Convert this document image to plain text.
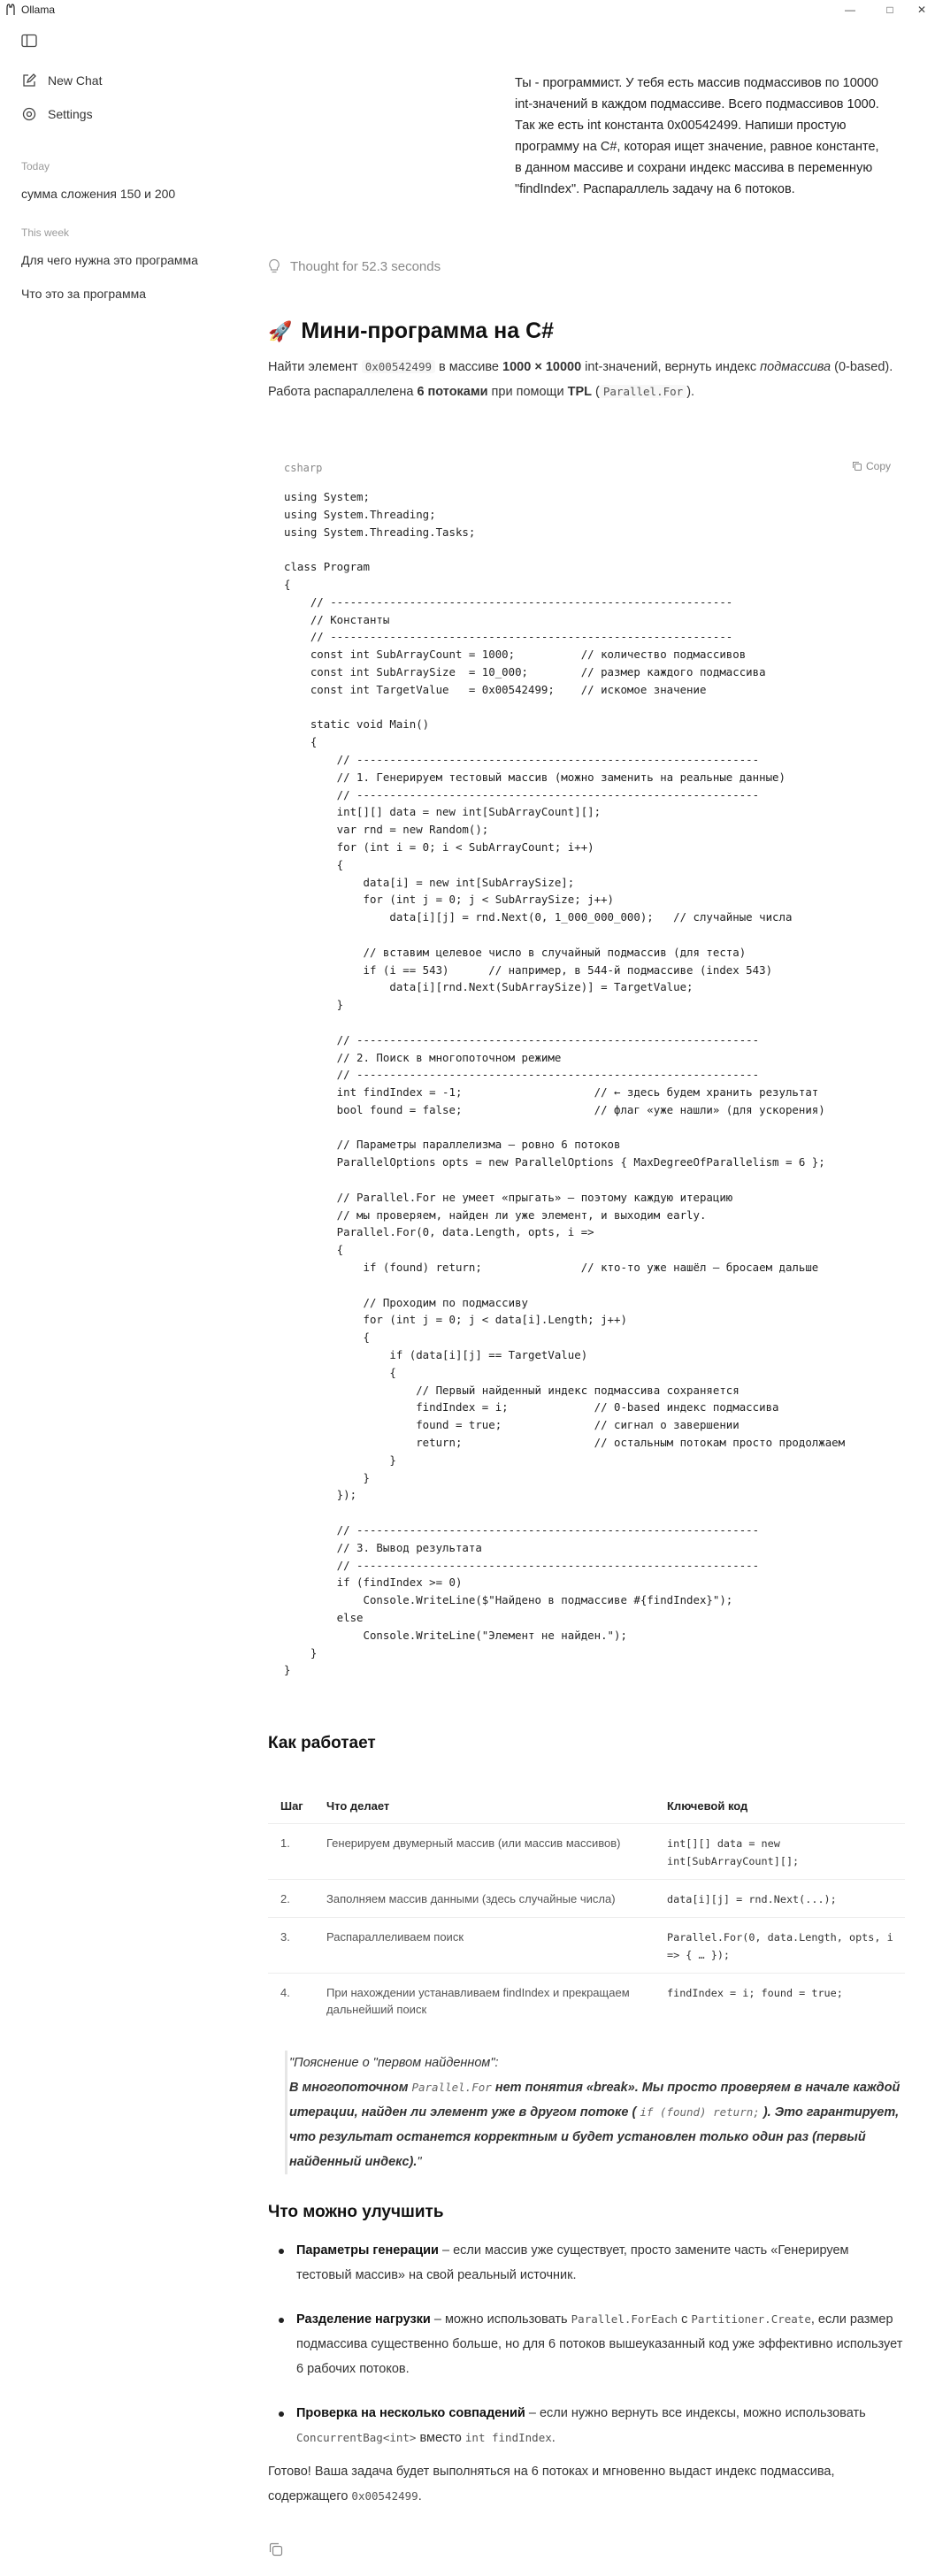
Ollama	—	□	✕
New Chat
Settings
Today
сумма сложения 150 и 200
This week
Для чего нужна это программа
Что это за программа
Ты - программист. У тебя есть массив подмассивов по 10000 int-значений в каждом подмассиве. Всего подмассивов 1000. Так же есть int константа 0x00542499. Напиши простую программу на C#, которая ищет значение, равное константе, в данном массиве и сохрани индекс массива в переменную "findIndex". Распараллель задачу на 6 потоков.
Thought for 52.3 seconds
🚀 Мини-программа на C#
Найти элемент 0x00542499 в массиве 1000 × 10000 int-значений, вернуть индекс подмассива (0-based).
Работа распараллелена 6 потоками при помощи TPL ( Parallel.For ).
csharp	Copy
using System;
using System.Threading;
using System.Threading.Tasks;

class Program
{
// -------------------------------------------------------------
// Константы
// -------------------------------------------------------------
const int SubArrayCount = 1000;          // количество подмассивов
const int SubArraySize  = 10_000;        // размер каждого подмассива
const int TargetValue   = 0x00542499;    // искомое значение

static void Main()
{
// -------------------------------------------------------------
// 1. Генерируем тестовый массив (можно заменить на реальные данные)
// -------------------------------------------------------------
int[][] data = new int[SubArrayCount][];
var rnd = new Random();
for (int i = 0; i < SubArrayCount; i++)
{
data[i] = new int[SubArraySize];
for (int j = 0; j < SubArraySize; j++)
data[i][j] = rnd.Next(0, 1_000_000_000);   // случайные числа

// вставим целевое число в случайный подмассив (для теста)
if (i == 543)      // например, в 544-й подмассиве (index 543)
data[i][rnd.Next(SubArraySize)] = TargetValue;
}

// -------------------------------------------------------------
// 2. Поиск в многопоточном режиме
// -------------------------------------------------------------
int findIndex = -1;                    // ← здесь будем хранить результат
bool found = false;                    // флаг «уже нашли» (для ускорения)

// Параметры параллелизма – ровно 6 потоков
ParallelOptions opts = new ParallelOptions { MaxDegreeOfParallelism = 6 };

// Parallel.For не умеет «прыгать» – поэтому каждую итерацию
// мы проверяем, найден ли уже элемент, и выходим early.
Parallel.For(0, data.Length, opts, i =>
{
if (found) return;               // кто-то уже нашёл – бросаем дальше

// Проходим по подмассиву
for (int j = 0; j < data[i].Length; j++)
{
if (data[i][j] == TargetValue)
{
// Первый найденный индекс подмассива сохраняется
findIndex = i;             // 0-based индекс подмассива
found = true;              // сигнал о завершении
return;                    // остальным потокам просто продолжаем
}
}
});

// -------------------------------------------------------------
// 3. Вывод результата
// -------------------------------------------------------------
if (findIndex >= 0)
Console.WriteLine($"Найдено в подмассиве #{findIndex}");
else
Console.WriteLine("Элемент не найден.");
}
}
Как работает
Шаг	Что делает	Ключевой код
1.	Генерируем двумерный массив (или массив массивов)	int[][] data = new int[SubArrayCount][];
2.	Заполняем массив данными (здесь случайные числа)	data[i][j] = rnd.Next(...);
3.	Распараллеливаем поиск	Parallel.For(0, data.Length, opts, i => { … });
4.	При нахождении устанавливаем findIndex и прекращаем дальнейший поиск	findIndex = i; found = true;
"Пояснение о "первом найденном":
В многопоточном Parallel.For нет понятия «break». Мы просто проверяем в начале каждой итерации, найден ли элемент уже в другом потоке ( if (found) return; ). Это гарантирует, что результат останется корректным и будет установлен только один раз (первый найденный индекс)."
Что можно улучшить
Параметры генерации – если массив уже существует, просто замените часть «Генерируем тестовый массив» на свой реальный источник.
Разделение нагрузки – можно использовать Parallel.ForEach с Partitioner.Create, если размер подмассива существенно больше, но для 6 потоков вышеуказанный код уже эффективно использует 6 рабочих потоков.
Проверка на несколько совпадений – если нужно вернуть все индексы, можно использовать ConcurrentBag<int> вместо int findIndex.
Готово! Ваша задача будет выполняться на 6 потоках и мгновенно выдаст индекс подмассива, содержащего 0x00542499.
